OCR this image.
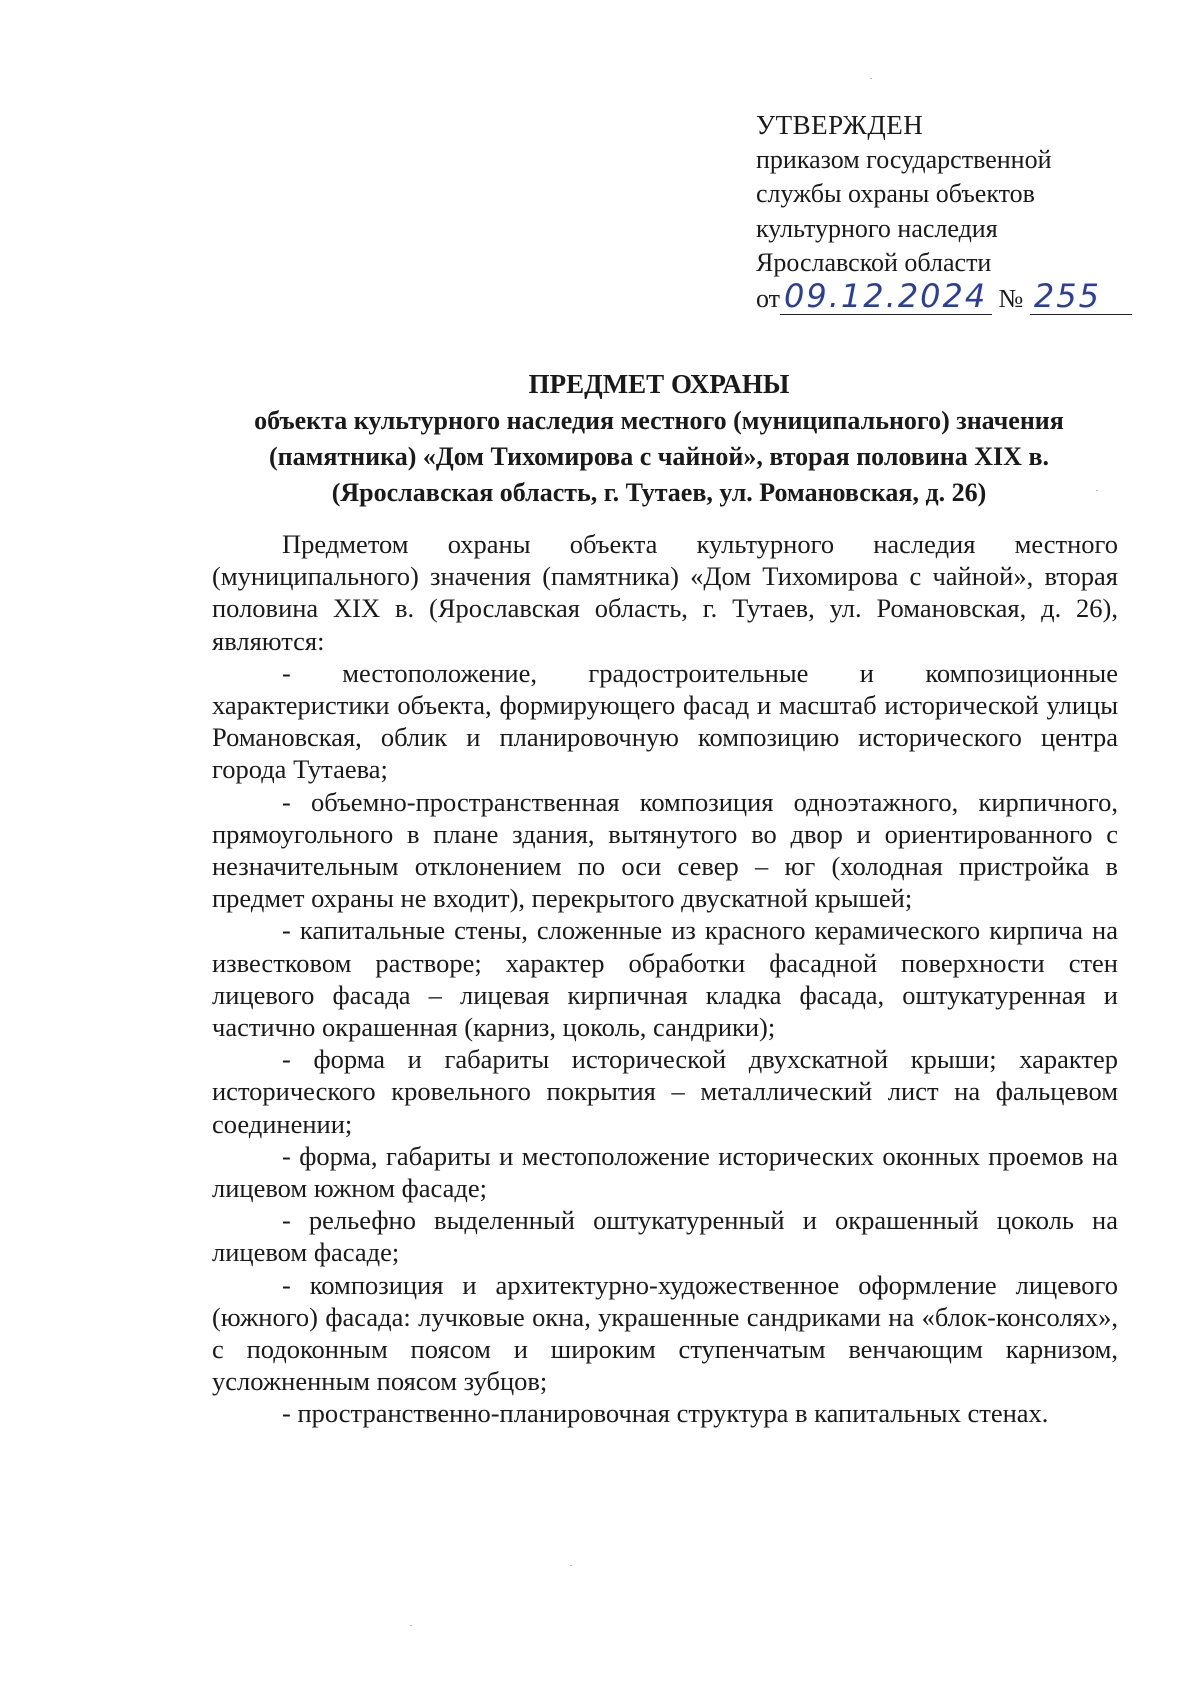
УТВЕРЖДЕН
приказом государственной
службы охраны объектов
культурного наследия
Ярославской области
от 09.12.2024 № 255
ПРЕДМЕТ ОХРАНЫ
объекта культурного наследия местного (муниципального) значения
(памятника) «Дом Тихомирова с чайной», вторая половина XIX в.
(Ярославская область, г. Тутаев, ул. Романовская, д. 26)

Предметом охраны объекта культурного наследия местного (муниципального) значения (памятника) «Дом Тихомирова с чайной», вторая половина XIX в. (Ярославская область, г. Тутаев, ул. Романовская, д. 26), являются:

- местоположение, градостроительные и композиционные характеристики объекта, формирующего фасад и масштаб исторической улицы Романовская, облик и планировочную композицию исторического центра города Тутаева;

- объемно-пространственная композиция одноэтажного, кирпичного, прямоугольного в плане здания, вытянутого во двор и ориентированного с незначительным отклонением по оси север – юг (холодная пристройка в предмет охраны не входит), перекрытого двускатной крышей;

- капитальные стены, сложенные из красного керамического кирпича на известковом растворе; характер обработки фасадной поверхности стен лицевого фасада – лицевая кирпичная кладка фасада, оштукатуренная и частично окрашенная (карниз, цоколь, сандрики);

- форма и габариты исторической двухскатной крыши; характер исторического кровельного покрытия – металлический лист на фальцевом соединении;

- форма, габариты и местоположение исторических оконных проемов на лицевом южном фасаде;

- рельефно выделенный оштукатуренный и окрашенный цоколь на лицевом фасаде;

- композиция и архитектурно-художественное оформление лицевого (южного) фасада: лучковые окна, украшенные сандриками на «блок-консолях», с подоконным поясом и широким ступенчатым венчающим карнизом, усложненным поясом зубцов;

- пространственно-планировочная структура в капитальных стенах.
